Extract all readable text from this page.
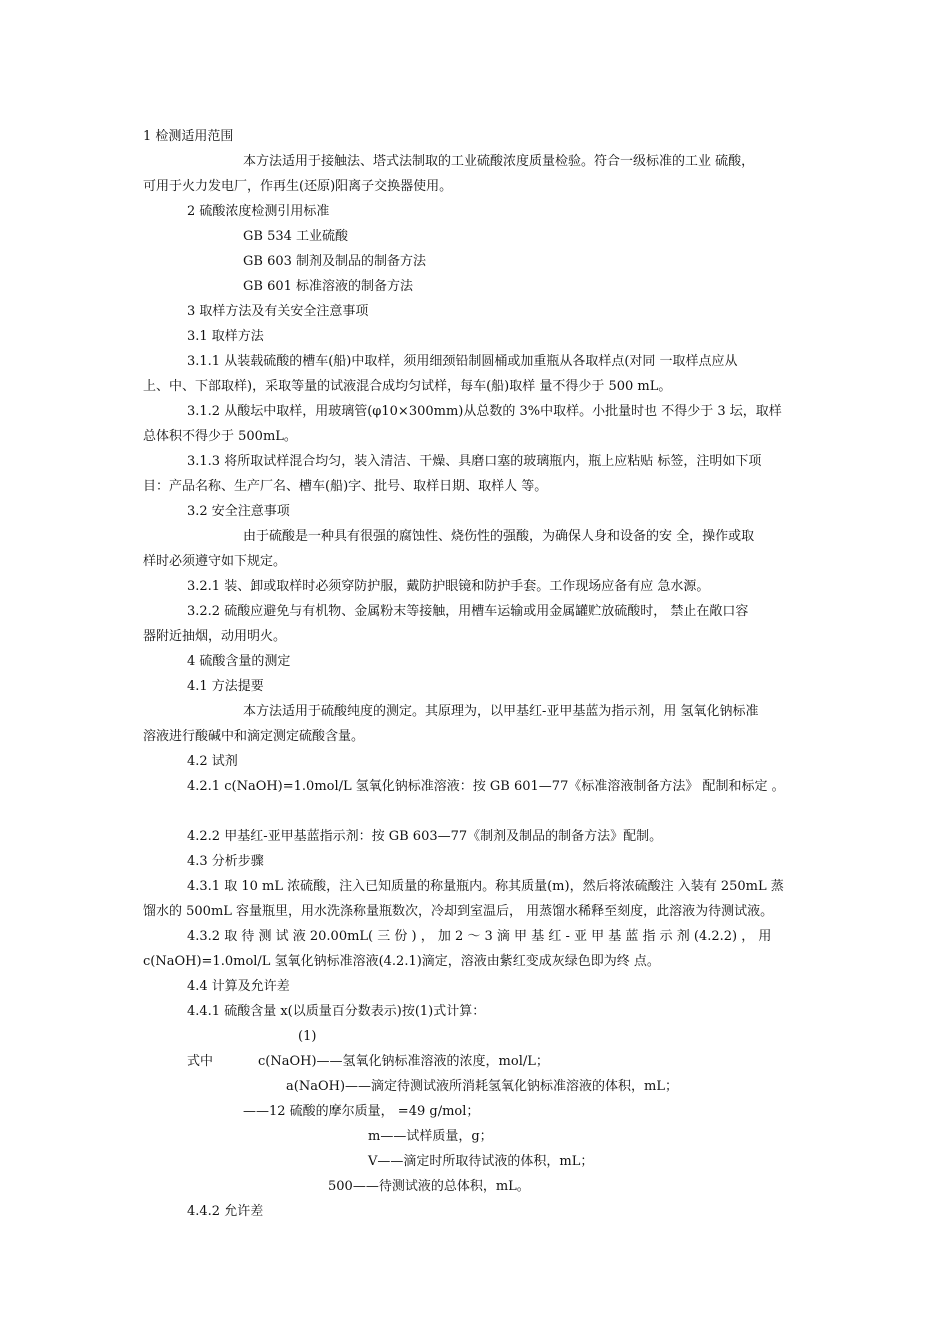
1 检测适用范围

本方法适用于接触法、塔式法制取的工业硫酸浓度质量检验。符合一级标准的工业 硫酸，

可用于火力发电厂，作再生(还原)阳离子交换器使用。

2 硫酸浓度检测引用标准

GB 534 工业硫酸

GB 603 制剂及制品的制备方法

GB 601 标准溶液的制备方法

3 取样方法及有关安全注意事项

3.1 取样方法

3.1.1 从装载硫酸的槽车(船)中取样，须用细颈铅制圆桶或加重瓶从各取样点(对同 一取样点应从

上、中、下部取样)，采取等量的试液混合成均匀试样，每车(船)取样 量不得少于 500 mL。

3.1.2 从酸坛中取样，用玻璃管(φ10×300mm)从总数的 3%中取样。小批量时也 不得少于 3 坛，取样

总体积不得少于 500mL。

3.1.3 将所取试样混合均匀，装入清洁、干燥、具磨口塞的玻璃瓶内，瓶上应粘贴 标签，注明如下项

目：产品名称、生产厂名、槽车(船)字、批号、取样日期、取样人 等。

3.2 安全注意事项

由于硫酸是一种具有很强的腐蚀性、烧伤性的强酸，为确保人身和设备的安 全，操作或取

样时必须遵守如下规定。

3.2.1 装、卸或取样时必须穿防护服，戴防护眼镜和防护手套。工作现场应备有应 急水源。

3.2.2 硫酸应避免与有机物、金属粉末等接触，用槽车运输或用金属罐贮放硫酸时， 禁止在敞口容

器附近抽烟，动用明火。

4 硫酸含量的测定

4.1 方法提要

本方法适用于硫酸纯度的测定。其原理为，以甲基红-亚甲基蓝为指示剂，用 氢氧化钠标准

溶液进行酸碱中和滴定测定硫酸含量。

4.2 试剂

4.2.1 c(NaOH)=1.0mol/L 氢氧化钠标准溶液：按 GB 601—77《标准溶液制备方法》 配制和标定 。

4.2.2 甲基红-亚甲基蓝指示剂：按 GB 603—77《制剂及制品的制备方法》配制。

4.3 分析步骤

4.3.1 取 10 mL 浓硫酸，注入已知质量的称量瓶内。称其质量(m)，然后将浓硫酸注 入装有 250mL 蒸

馏水的 500mL 容量瓶里，用水洗涤称量瓶数次，冷却到室温后， 用蒸馏水稀释至刻度，此溶液为待测试液。

4.3.2 取 待 测 试 液 20.00mL( 三 份 ) ， 加 2 ～ 3 滴 甲 基 红 - 亚 甲 基 蓝 指 示 剂 (4.2.2) ， 用

c(NaOH)=1.0mol/L 氢氧化钠标准溶液(4.2.1)滴定，溶液由紫红变成灰绿色即为终 点。

4.4 计算及允许差

4.4.1 硫酸含量 x(以质量百分数表示)按(1)式计算：

(1)

式中	c(NaOH)——氢氧化钠标准溶液的浓度，mol/L；

a(NaOH)——滴定待测试液所消耗氢氧化钠标准溶液的体积，mL；

——12 硫酸的摩尔质量， =49 g/mol；

m——试样质量，g；

V——滴定时所取待试液的体积，mL；

500——待测试液的总体积，mL。

4.4.2 允许差
